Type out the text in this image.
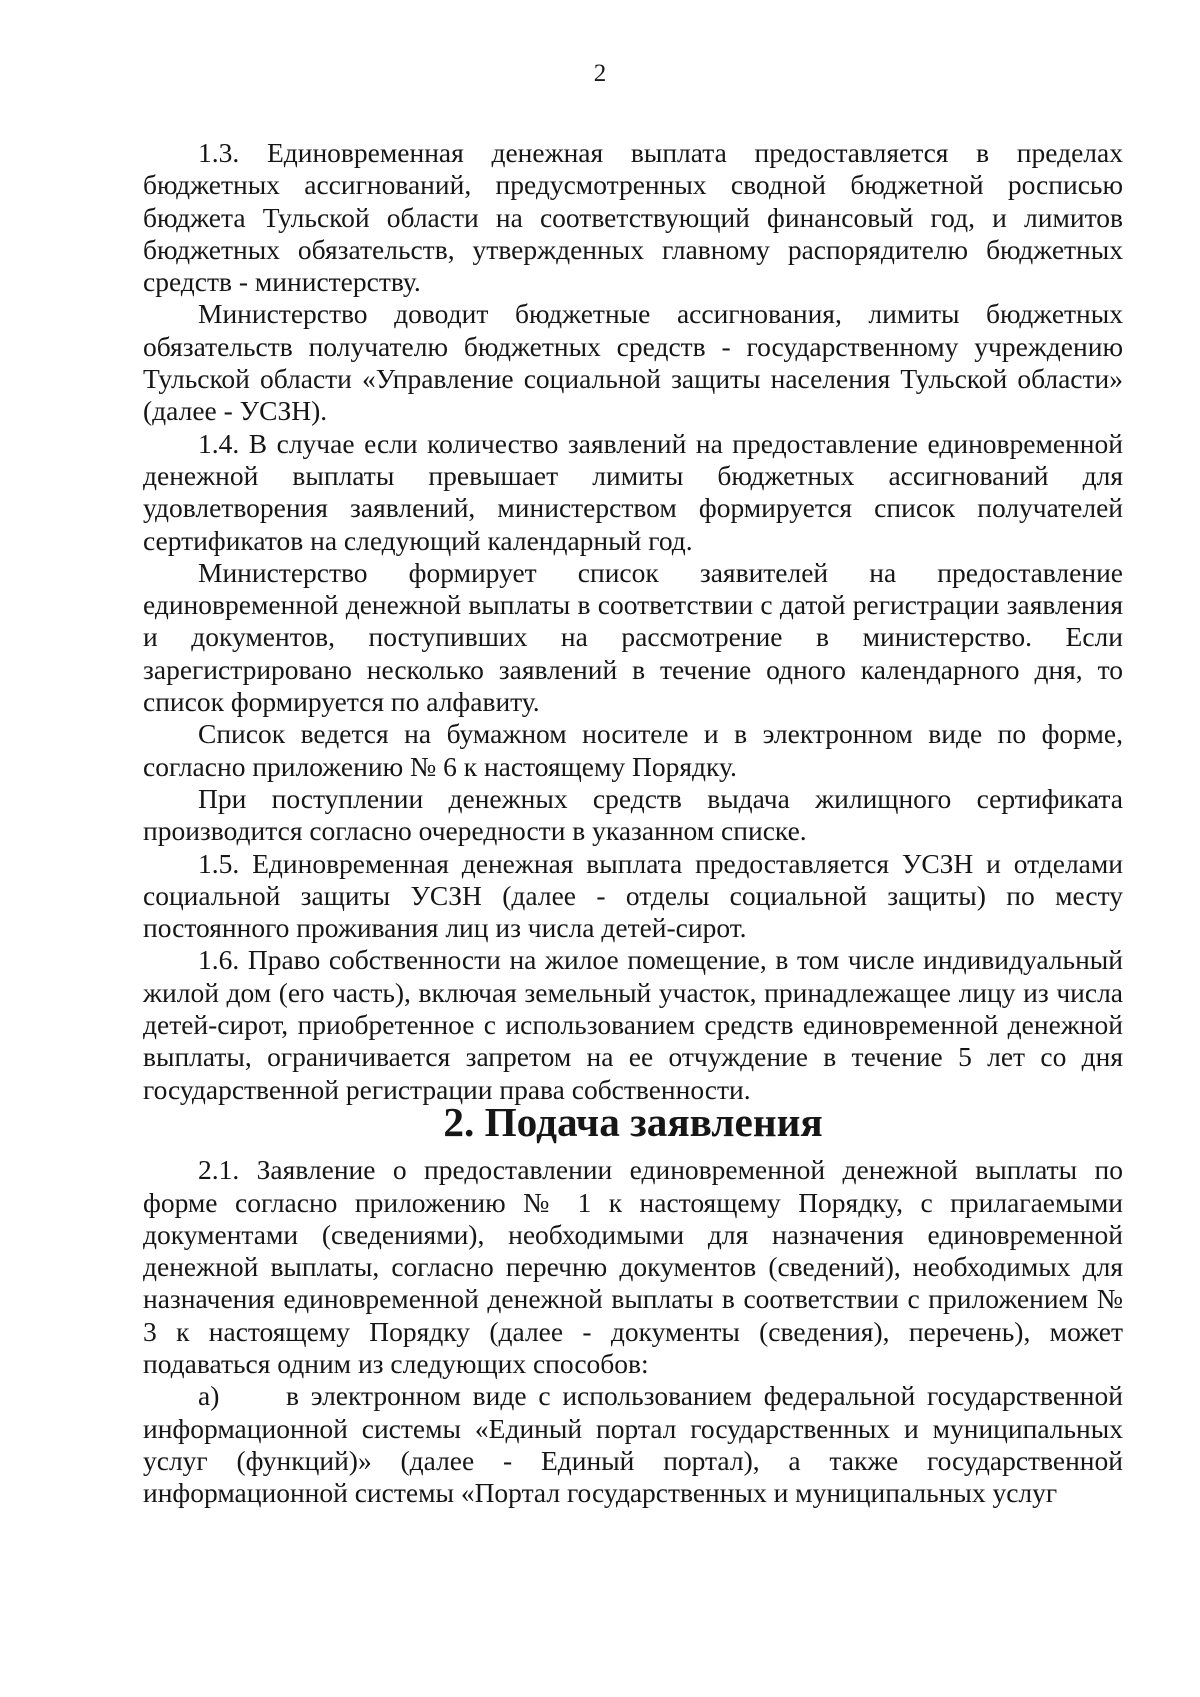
2

1.3. Единовременная денежная выплата предоставляется в пределах бюджетных ассигнований, предусмотренных сводной бюджетной росписью бюджета Тульской области на соответствующий финансовый год, и лимитов бюджетных обязательств, утвержденных главному распорядителю бюджетных средств - министерству.

Министерство доводит бюджетные ассигнования, лимиты бюджетных обязательств получателю бюджетных средств - государственному учреждению Тульской области «Управление социальной защиты населения Тульской области» (далее - УСЗН).

1.4. В случае если количество заявлений на предоставление единовременной денежной выплаты превышает лимиты бюджетных ассигнований для удовлетворения заявлений, министерством формируется список получателей сертификатов на следующий календарный год.

Министерство формирует список заявителей на предоставление единовременной денежной выплаты в соответствии с датой регистрации заявления и документов, поступивших на рассмотрение в министерство. Если зарегистрировано несколько заявлений в течение одного календарного дня, то список формируется по алфавиту.

Список ведется на бумажном носителе и в электронном виде по форме, согласно приложению № 6 к настоящему Порядку.

При поступлении денежных средств выдача жилищного сертификата производится согласно очередности в указанном списке.

1.5. Единовременная денежная выплата предоставляется УСЗН и отделами социальной защиты УСЗН (далее - отделы социальной защиты) по месту постоянного проживания лиц из числа детей-сирот.

1.6. Право собственности на жилое помещение, в том числе индивидуальный жилой дом (его часть), включая земельный участок, принадлежащее лицу из числа детей-сирот, приобретенное с использованием средств единовременной денежной выплаты, ограничивается запретом на ее отчуждение в течение 5 лет со дня государственной регистрации права собственности.

2. Подача заявления

2.1. Заявление о предоставлении единовременной денежной выплаты по форме согласно приложению № 1 к настоящему Порядку, с прилагаемыми документами (сведениями), необходимыми для назначения единовременной денежной выплаты, согласно перечню документов (сведений), необходимых для назначения единовременной денежной выплаты в соответствии с приложением № 3 к настоящему Порядку (далее - документы (сведения), перечень), может подаваться одним из следующих способов:

а) в электронном виде с использованием федеральной государственной информационной системы «Единый портал государственных и муниципальных услуг (функций)» (далее - Единый портал), а также государственной информационной системы «Портал государственных и муниципальных услуг
